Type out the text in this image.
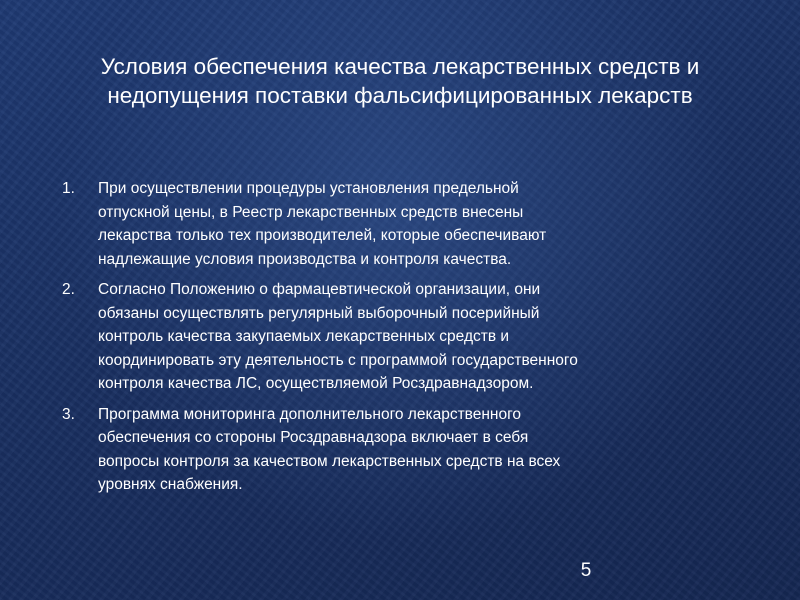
Условия обеспечения качества лекарственных средств и
недопущения поставки фальсифицированных лекарств
1. При осуществлении процедуры установления предельной
отпускной цены, в Реестр лекарственных средств внесены
лекарства только тех производителей, которые обеспечивают
надлежащие условия производства и контроля качества.
2. Согласно Положению о фармацевтической организации, они
обязаны осуществлять регулярный выборочный посерийный
контроль качества закупаемых лекарственных средств и
координировать эту деятельность с программой государственного
контроля качества ЛС, осуществляемой Росздравнадзором.
3. Программа мониторинга дополнительного лекарственного
обеспечения со стороны Росздравнадзора включает в себя
вопросы контроля за качеством лекарственных средств на всех
уровнях снабжения.
5
